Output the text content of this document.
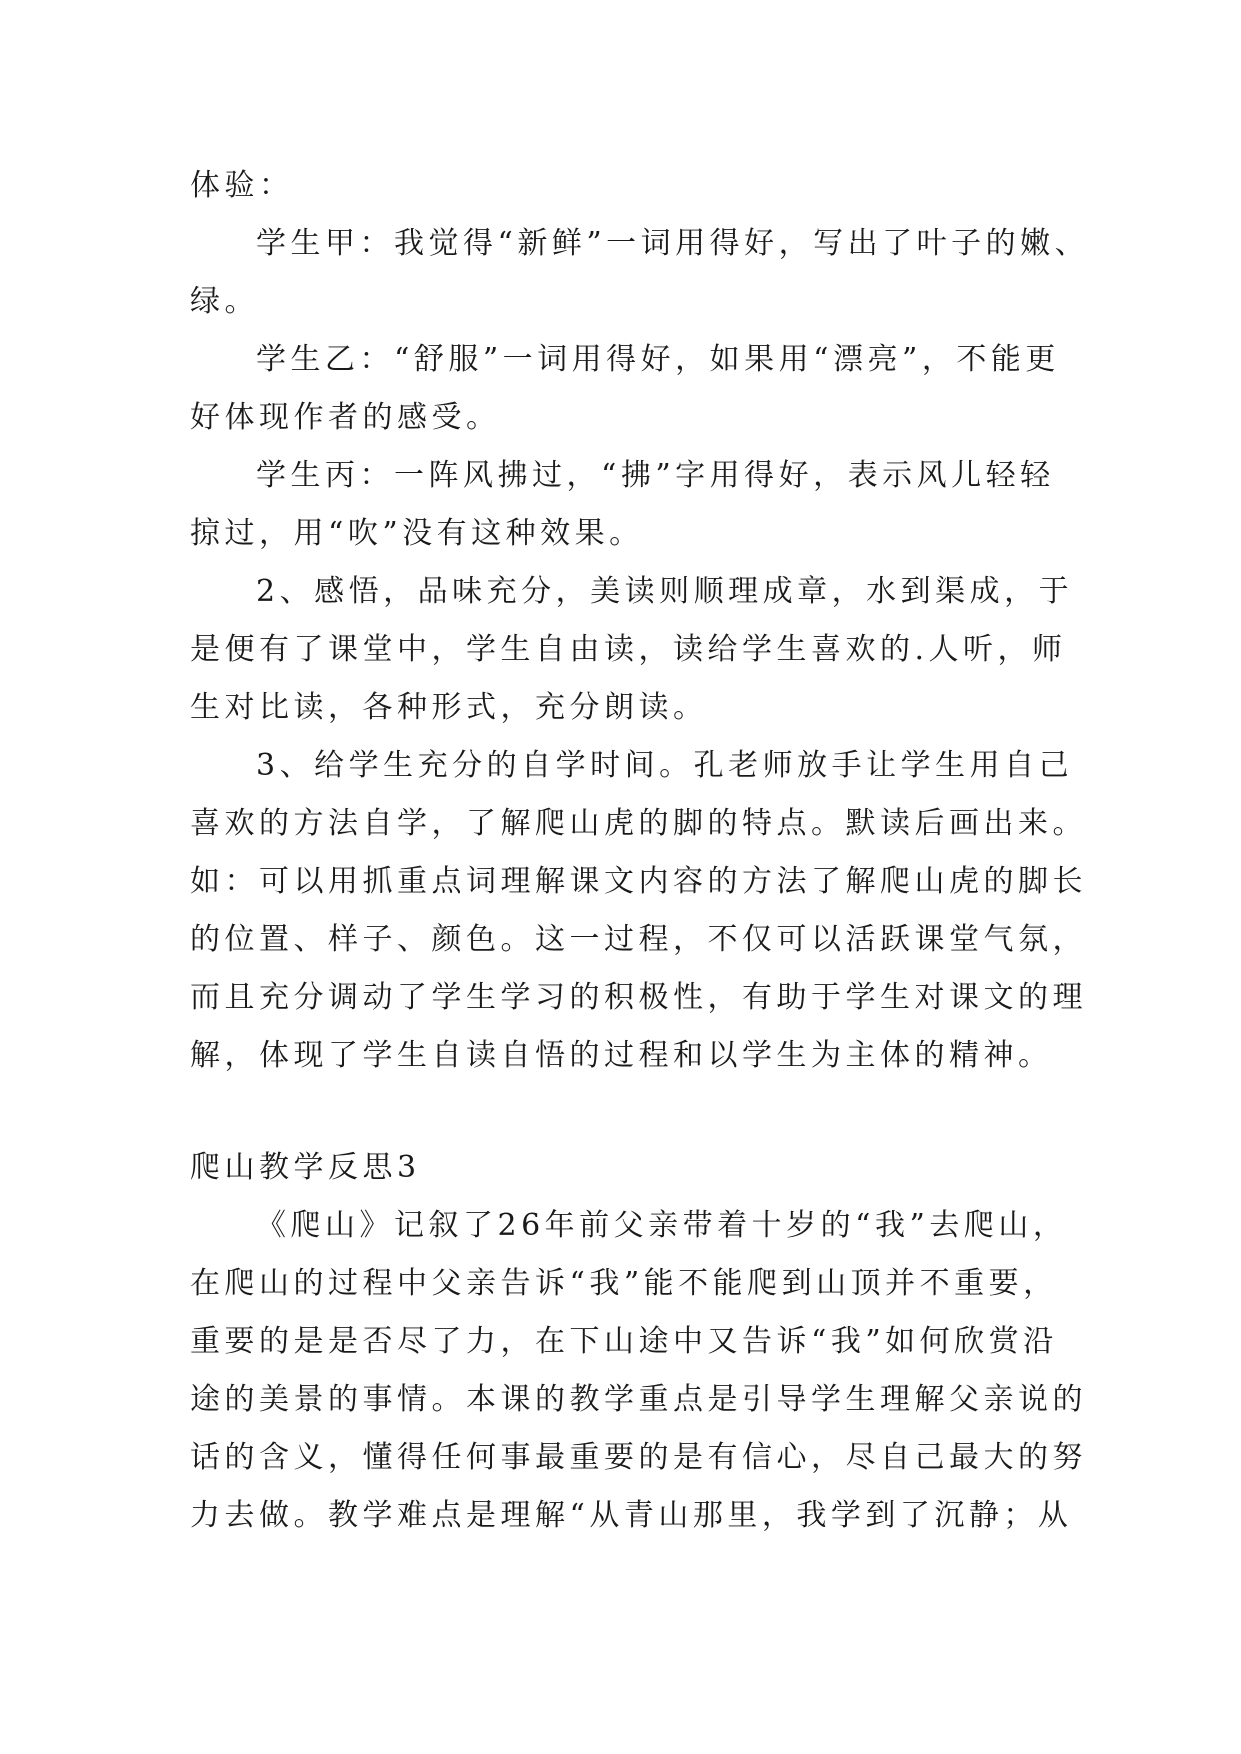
体验：
学生甲：我觉得“新鲜”一词用得好，写出了叶子的嫩、
绿。
学生乙：“舒服”一词用得好，如果用“漂亮”，不能更
好体现作者的感受。
学生丙：一阵风拂过，“拂”字用得好，表示风儿轻轻
掠过，用“吹”没有这种效果。
2、感悟，品味充分，美读则顺理成章，水到渠成，于
是便有了课堂中，学生自由读，读给学生喜欢的.人听，师
生对比读，各种形式，充分朗读。
3、给学生充分的自学时间。孔老师放手让学生用自己
喜欢的方法自学，了解爬山虎的脚的特点。默读后画出来。
如：可以用抓重点词理解课文内容的方法了解爬山虎的脚长
的位置、样子、颜色。这一过程，不仅可以活跃课堂气氛，
而且充分调动了学生学习的积极性，有助于学生对课文的理
解，体现了学生自读自悟的过程和以学生为主体的精神。
爬山教学反思3
《爬山》记叙了26年前父亲带着十岁的“我”去爬山，
在爬山的过程中父亲告诉“我”能不能爬到山顶并不重要，
重要的是是否尽了力，在下山途中又告诉“我”如何欣赏沿
途的美景的事情。本课的教学重点是引导学生理解父亲说的
话的含义，懂得任何事最重要的是有信心，尽自己最大的努
力去做。教学难点是理解“从青山那里，我学到了沉静；从
